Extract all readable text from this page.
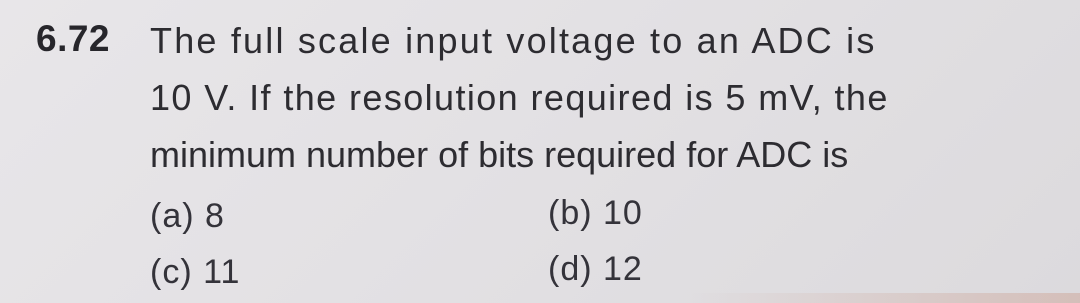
6.72 The full scale input voltage to an ADC is
10 V. If the resolution required is 5 mV, the
minimum number of bits required for ADC is
(a) 8	(b) 10
(c) 11	(d) 12
